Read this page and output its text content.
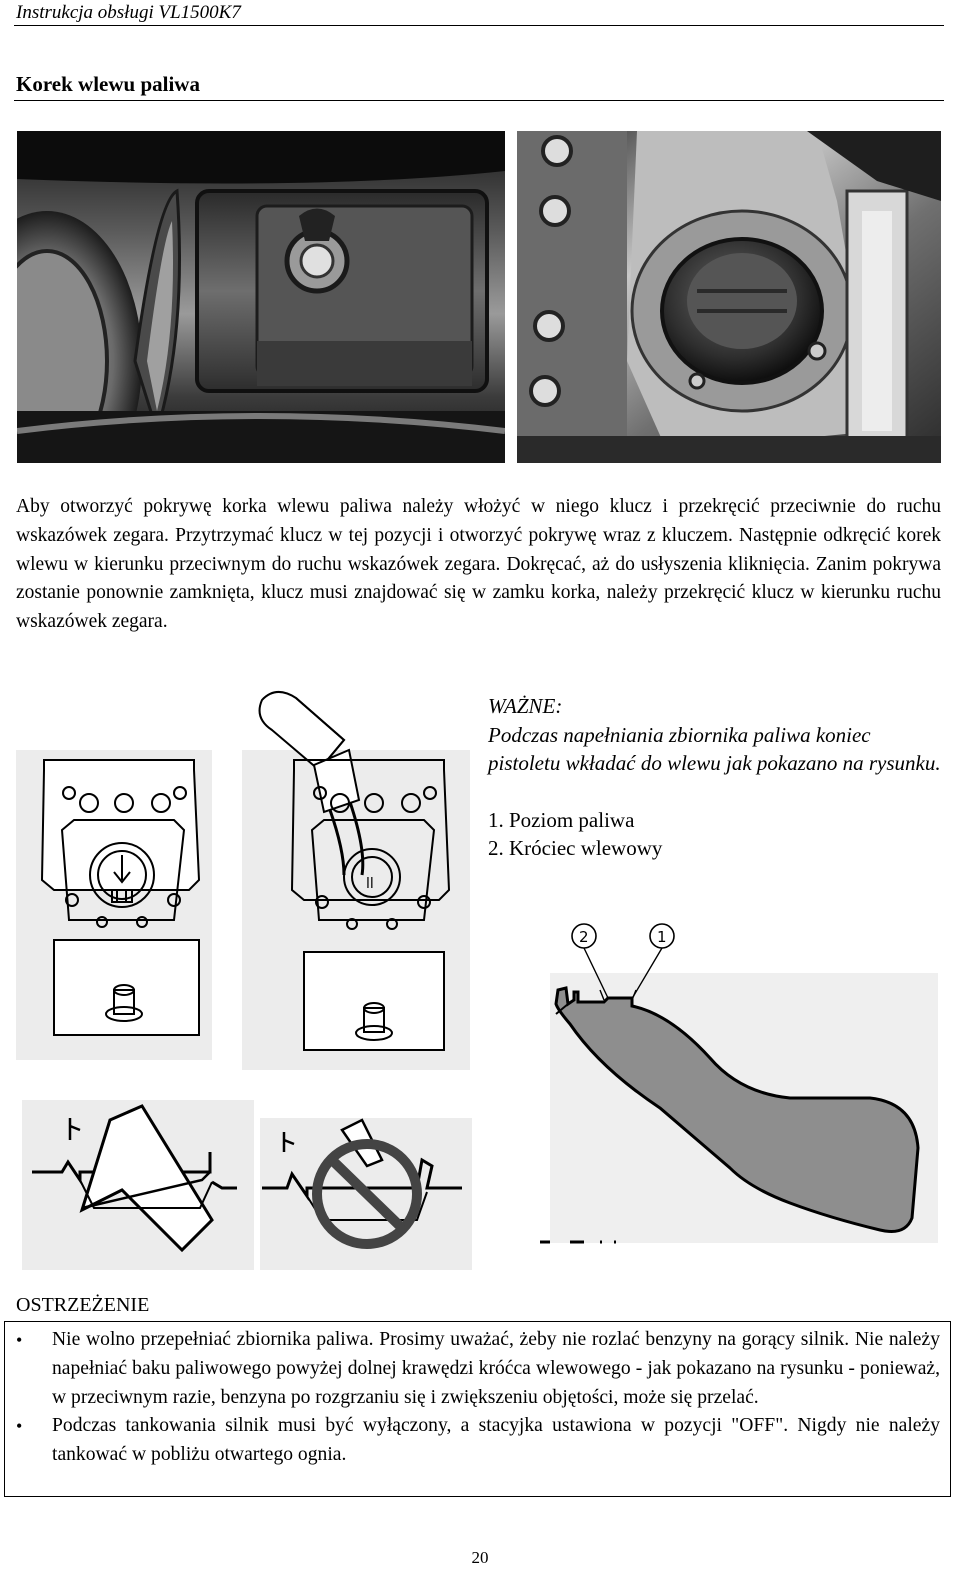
Instrukcja obsługi VL1500K7
Korek wlewu paliwa

Aby otworzyć pokrywę korka wlewu paliwa należy włożyć w niego klucz i przekręcić przeciwnie do ruchu wskazówek zegara. Przytrzymać klucz w tej pozycji i otworzyć pokrywę wraz z kluczem. Następnie odkręcić korek wlewu w kierunku przeciwnym do ruchu wskazówek zegara. Dokręcać, aż do usłyszenia kliknięcia. Zanim pokrywa zostanie ponownie zamknięta, klucz musi znajdować się w zamku korka, należy przekręcić klucz w kierunku ruchu wskazówek zegara.

ll
2	1
WAŻNE:
Podczas napełniania zbiornika paliwa koniec pistoletu wkładać do wlewu jak pokazano na rysunku.
1. Poziom paliwa
2. Króciec wlewowy
OSTRZEŻENIE
• Nie wolno przepełniać zbiornika paliwa. Prosimy uważać, żeby nie rozlać benzyny na gorący silnik. Nie należy napełniać baku paliwowego powyżej dolnej krawędzi króćca wlewowego - jak pokazano na rysunku - ponieważ, w przeciwnym razie, benzyna po rozgrzaniu się i zwiększeniu objętości, może się przelać.
• Podczas tankowania silnik musi być wyłączony, a stacyjka ustawiona w pozycji "OFF". Nigdy nie należy tankować w pobliżu otwartego ognia.
20
